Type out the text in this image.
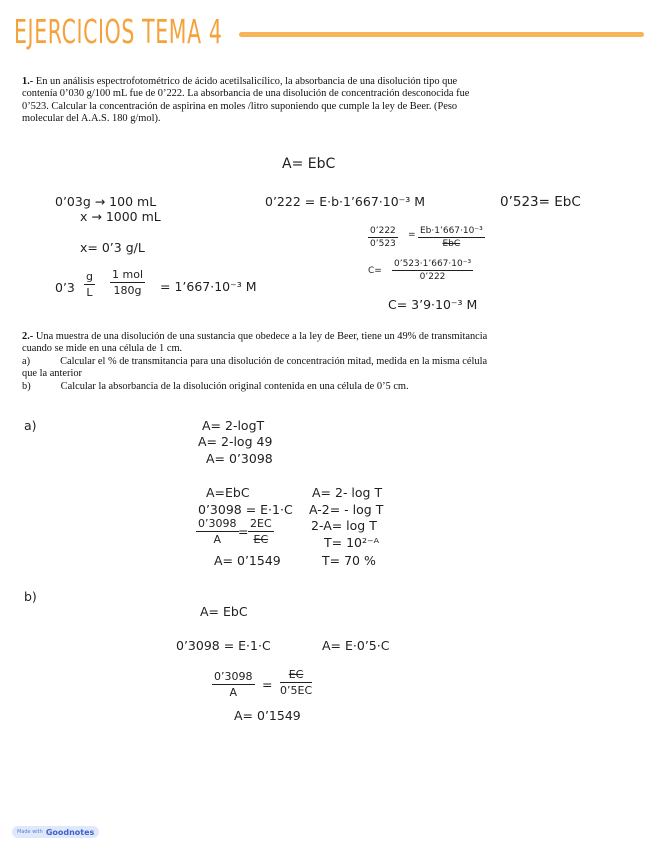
EJERCICIOS TEMA 4

1.- En un análisis espectrofotométrico de ácido acetilsalicílico, la absorbancia de una disolución tipo que contenía 0’030 g/100 mL fue de 0’222. La absorbancia de una disolución de concentración desconocida fue 0’523. Calcular la concentración de aspirina en moles /litro suponiendo que cumple la ley de Beer. (Peso molecular del A.A.S. 180 g/mol).

A= EbC
0’03g → 100 mL
x → 1000 mL
x= 0’3 g/L
0’3 $\frac{g}{L} 1$ mol
180g = 1’667·10⁻³ M
0’222 = E·b·1’667·10⁻³ M	0’523= EbC
$\frac{0’222}{0’523}$ = Eb·1’667·10⁻³
EbC
$C= \frac{\text{0’523·1’667·10⁻³}}{0’222}$
C= 3’9·10⁻³ M

2.- Una muestra de una disolución de una sustancia que obedece a la ley de Beer, tiene un 49% de transmitancia cuando se mide en una célula de 1 cm.

a)	Calcular el % de transmitancia para una disolución de concentración mitad, medida en la misma célula que la anterior

b)	Calcular la absorbancia de la disolución original contenida en una célula de 0’5 cm.

a)	A= 2-logT
A= 2-log 49
A= 0’3098
A=EbC
0’3098 = E·1·C
$\frac{0’3098}{A} = \frac{2EC}{EC}$
A= 0’1549
A= 2- log T
A-2= - log T
2-A= log T
T= 10²⁻ᴬ
T= 70 %
b)
A= EbC
0’3098 = E·1·C	A= E·0’5·C
$\frac{0’3098}{A} = \frac{EC}{0’5EC}$
A= 0’1549
Made with Goodnotes
